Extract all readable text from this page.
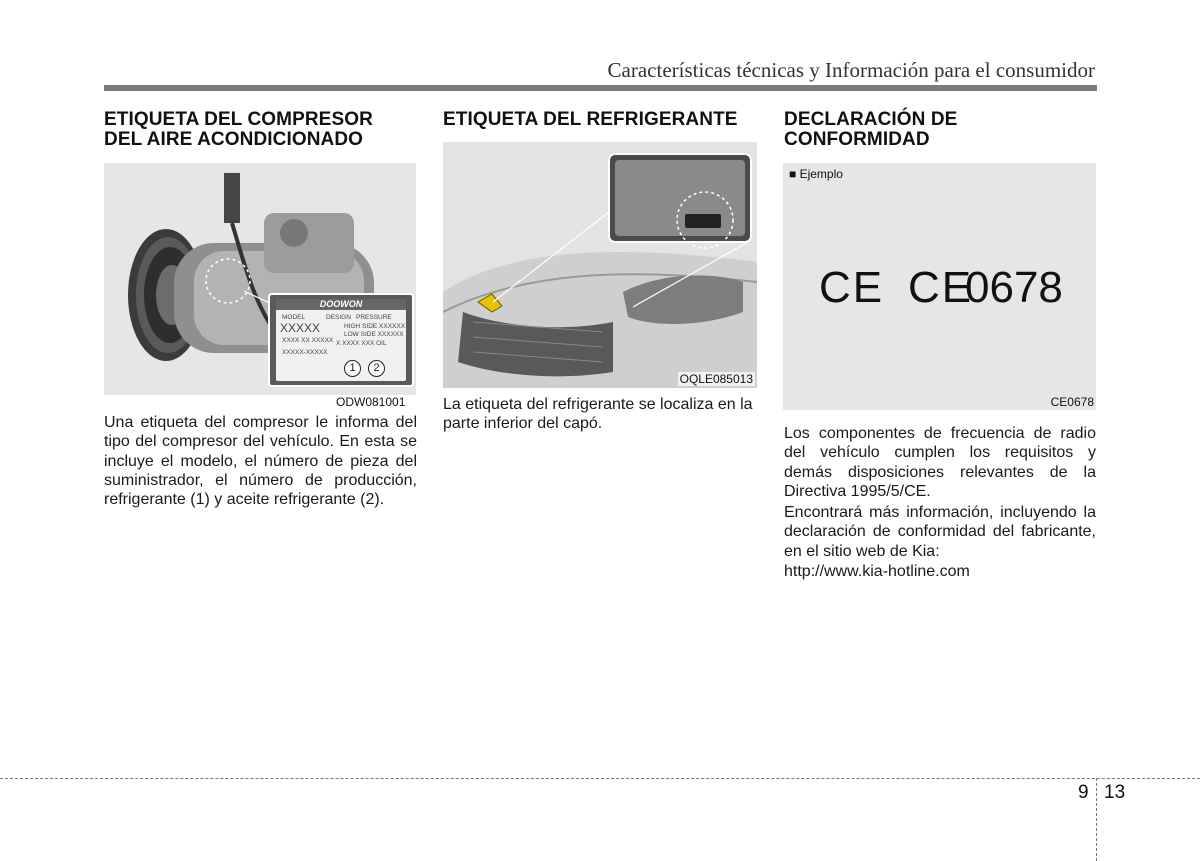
Características técnicas y Información para el consumidor

ETIQUETA DEL COMPRESOR

DEL AIRE ACONDICIONADO

DOOWON
MODEL	DESIGN PRESSURE
XXXXX	HIGH SIDE XXXXXX
LOW SIDE XXXXXX
XXXX XX XXXXX X XXXX XXX OIL
XXXXX-XXXXX
1	2
ODW081001
Una etiqueta del compresor le informa del tipo del compresor del vehículo. En esta se incluye el modelo, el número de pieza del suministrador, el número de producción, refrigerante (1) y aceite refrigerante (2).

ETIQUETA DEL REFRIGERANTE

OQLE085013
La etiqueta del refrigerante se localiza en la parte inferior del capó.

DECLARACIÓN DE

CONFORMIDAD

■ Ejemplo
CE CE
0678
CE0678
Los componentes de frecuencia de radio del vehículo cumplen los requisitos y demás disposiciones relevantes de la Directiva 1995/5/CE.
Encontrará más información, incluyendo la declaración de conformidad del fabricante, en el sitio web de Kia:
http://www.kia-hotline.com
9 13
